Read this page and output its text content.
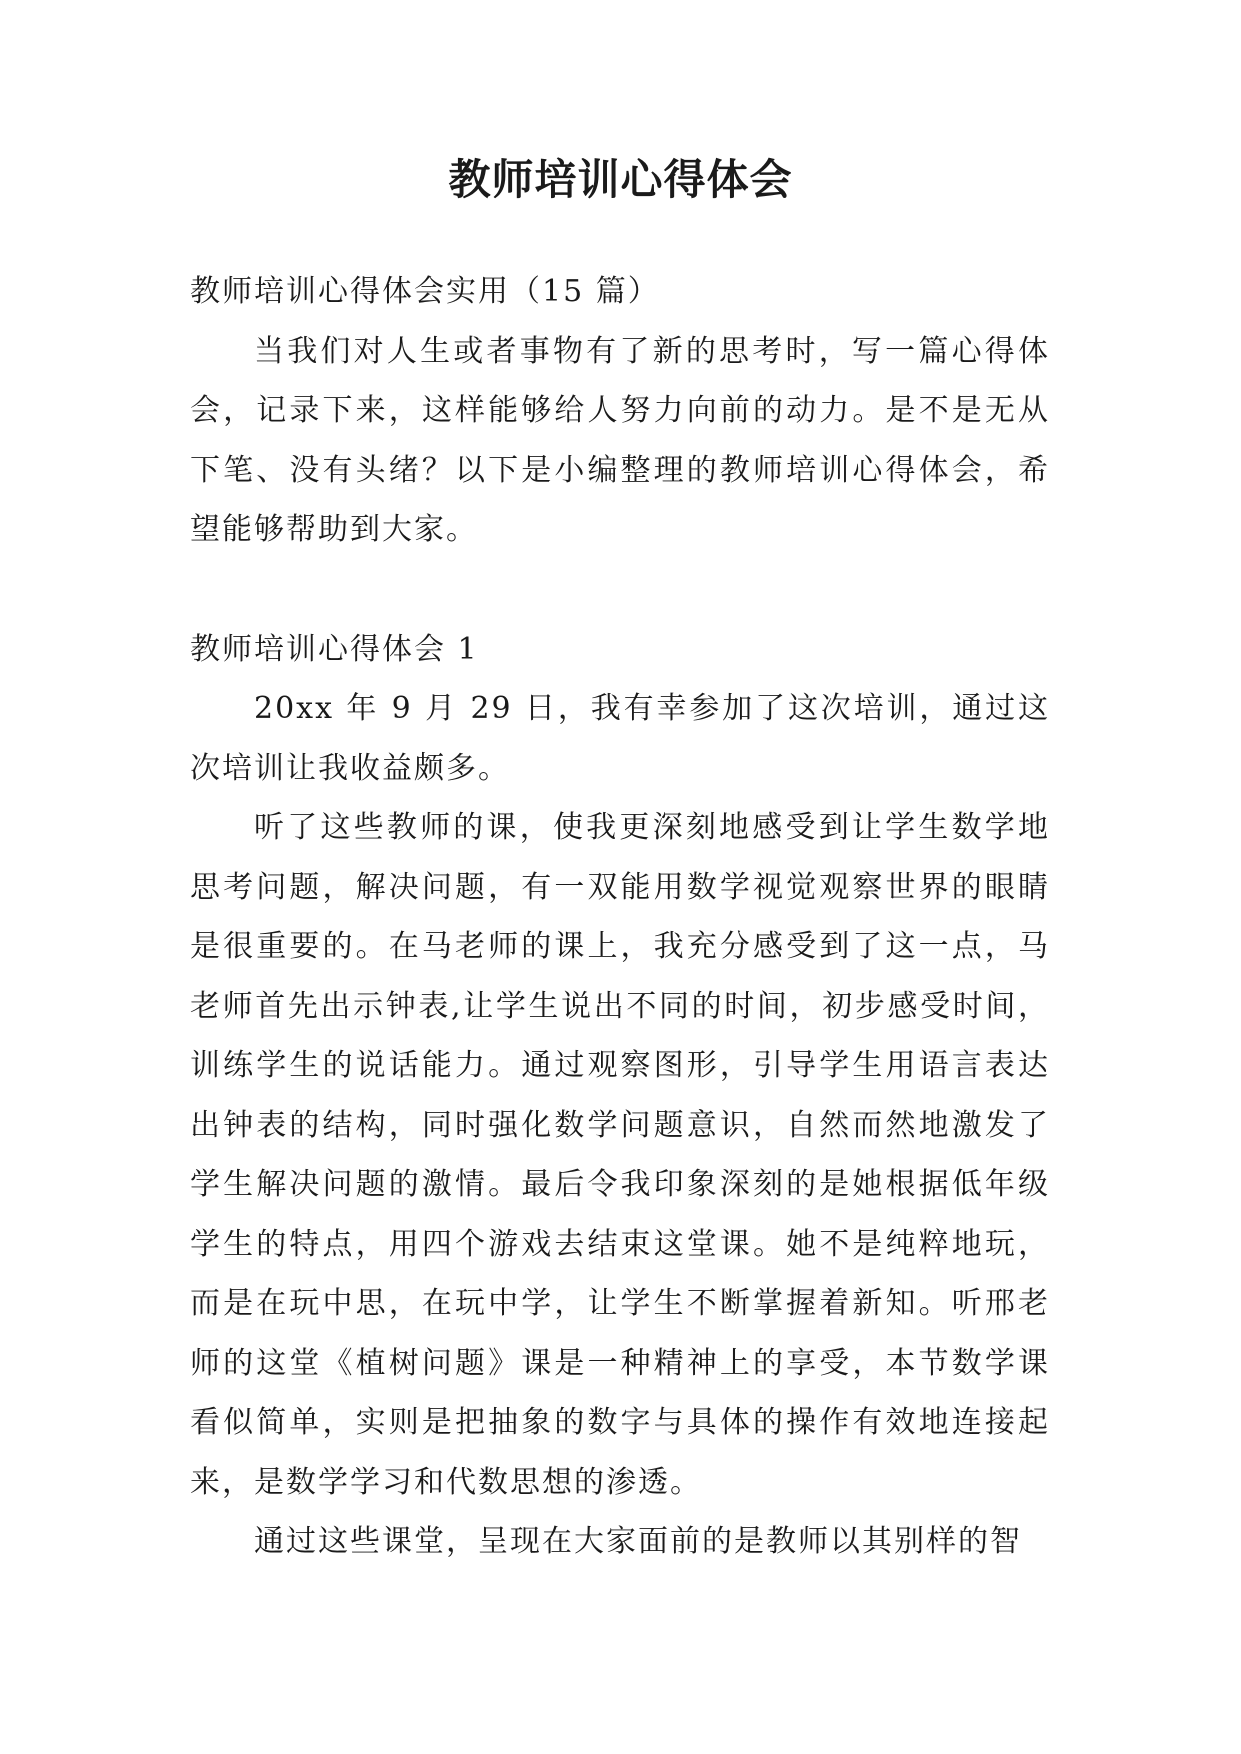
教师培训心得体会

教师培训心得体会实用（15 篇）

当我们对人生或者事物有了新的思考时，写一篇心得体会，记录下来，这样能够给人努力向前的动力。是不是无从下笔、没有头绪？以下是小编整理的教师培训心得体会，希望能够帮助到大家。

教师培训心得体会 1

20xx 年 9 月 29 日，我有幸参加了这次培训，通过这次培训让我收益颇多。

听了这些教师的课，使我更深刻地感受到让学生数学地思考问题，解决问题，有一双能用数学视觉观察世界的眼睛是很重要的。在马老师的课上，我充分感受到了这一点，马老师首先出示钟表,让学生说出不同的时间，初步感受时间，训练学生的说话能力。通过观察图形，引导学生用语言表达出钟表的结构，同时强化数学问题意识，自然而然地激发了学生解决问题的激情。最后令我印象深刻的是她根据低年级学生的特点，用四个游戏去结束这堂课。她不是纯粹地玩，而是在玩中思，在玩中学，让学生不断掌握着新知。听邢老师的这堂《植树问题》课是一种精神上的享受，本节数学课看似简单，实则是把抽象的数字与具体的操作有效地连接起来，是数学学习和代数思想的渗透。

通过这些课堂，呈现在大家面前的是教师以其别样的智
